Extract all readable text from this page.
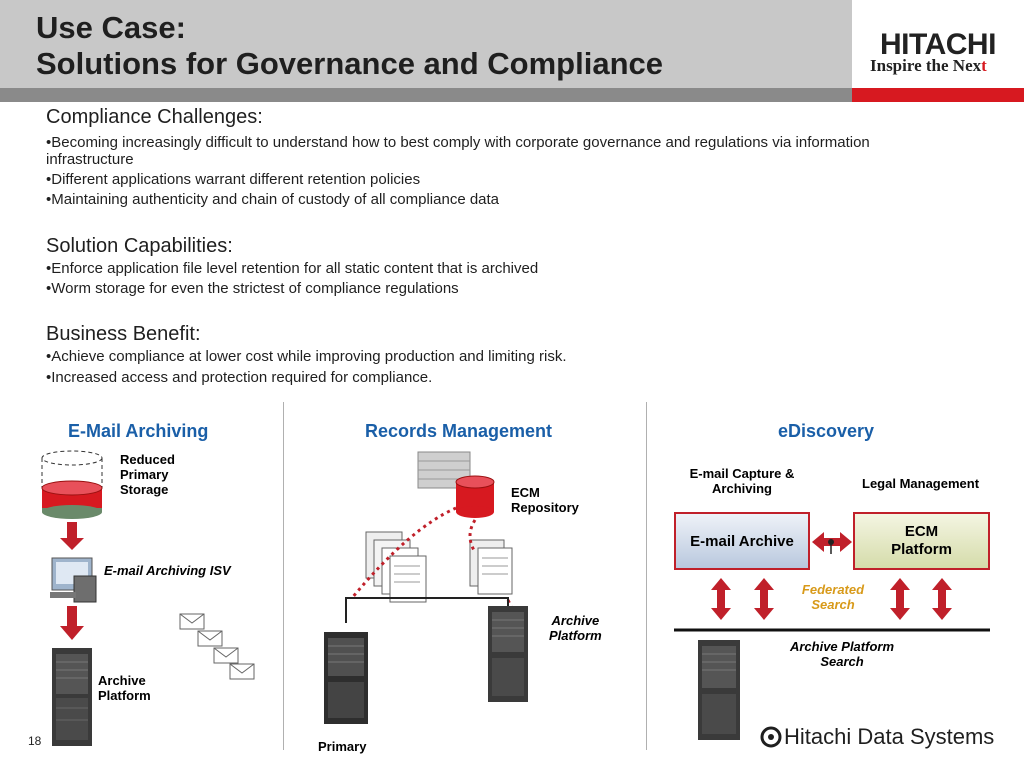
Use Case:
Solutions for Governance and Compliance
HITACHI
Inspire the Next
Compliance Challenges:
•Becoming increasingly difficult to understand how to best comply with corporate governance and regulations via information
infrastructure
•Different applications warrant different retention policies
•Maintaining authenticity and chain of custody of all compliance data
Solution Capabilities:
•Enforce application file level retention for all static content that is archived
•Worm storage for even the strictest of compliance regulations
Business Benefit:
•Achieve compliance at lower cost while improving production and limiting risk.
•Increased access and protection required for compliance.
E-Mail Archiving	Records Management	eDiscovery
Reduced
Primary
Storage
E-mail Archiving ISV
Archive
Platform
ECM
Repository
Archive
Platform
Primary
E-mail Capture &
Archiving	Legal Management
E-mail Archive
ECM
Platform
Federated
Search
Archive Platform
Search
18	Hitachi Data Systems
